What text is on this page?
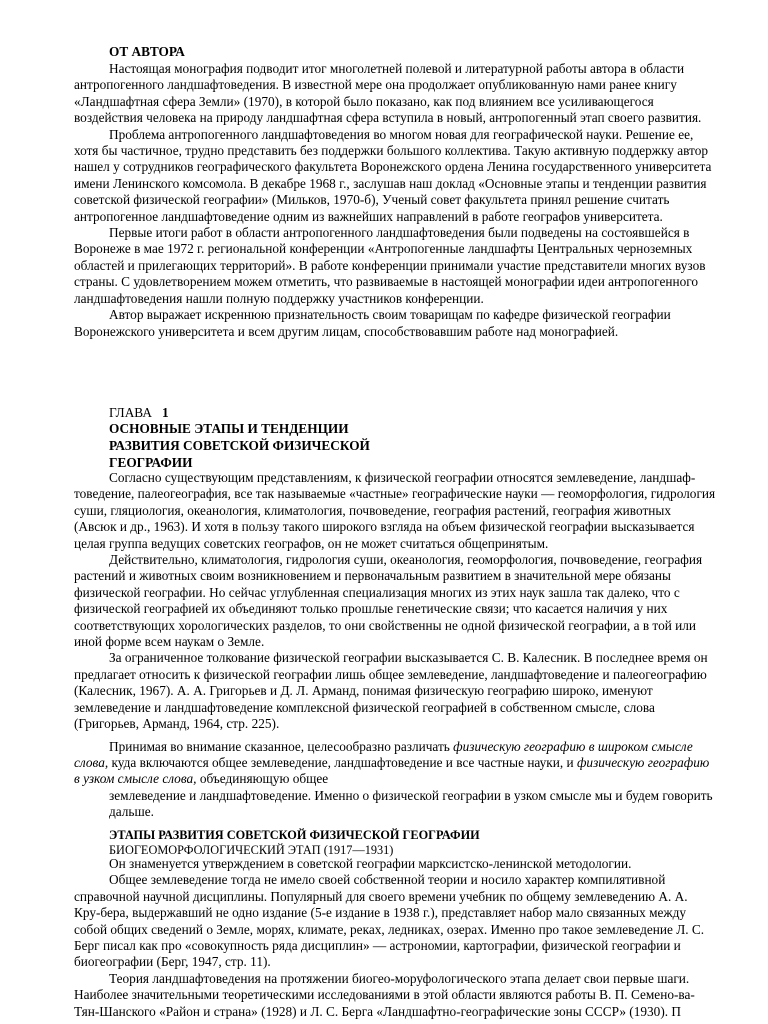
ОТ АВТОРА

Настоящая монография подводит итог многолетней полевой и литературной работы автора в области антропогенного ландшафтоведения. В известной мере она продолжает опубликованную нами ранее книгу «Ландшафтная сфера Земли» (1970), в которой было показано, как под влиянием все усиливающегося воздействия человека на природу ландшафтная сфера вступила в новый, антропогенный этап своего развития.

Проблема антропогенного ландшафтоведения во многом новая для географической науки. Решение ее, хотя бы частичное, трудно представить без поддержки большого коллектива. Такую активную поддержку автор нашел у сотрудников географического факультета Воронежского ордена Ленина государственного университета имени Ленинского комсомола. В декабре 1968 г., заслушав наш доклад «Основные этапы и тенденции развития советской физической географии» (Мильков, 1970-б), Ученый совет факультета принял решение считать антропогенное ландшафтоведение одним из важнейших направлений в работе географов университета.

Первые итоги работ в области антропогенного ландшафтоведения были подведены на состоявшейся в Воронеже в мае 1972 г. региональной конференции «Антропогенные ландшафты Центральных черноземных областей и прилегающих территорий». В работе конференции принимали участие представители многих вузов страны. С удовлетворением можем отметить, что развиваемые в настоящей монографии идеи антропогенного ландшафтоведения нашли полную поддержку участников конференции.

Автор выражает искреннюю признательность своим товарищам по кафедре физической географии Воронежского университета и всем другим лицам, способствовавшим работе над монографией.

ГЛАВА 1
ОСНОВНЫЕ ЭТАПЫ И ТЕНДЕНЦИИ
РАЗВИТИЯ СОВЕТСКОЙ ФИЗИЧЕСКОЙ
ГЕОГРАФИИ

Согласно существующим представлениям, к физической географии относятся землеведение, ландшаф-товедение, палеогеография, все так называемые «частные» географические науки — геоморфология, гидрология суши, гляциология, океанология, климатология, почвоведение, география растений, география животных (Авсюк и др., 1963). И хотя в пользу такого широкого взгляда на объем физической географии высказывается целая группа ведущих советских географов, он не может считаться общепринятым.

Действительно, климатология, гидрология суши, океанология, геоморфология, почвоведение, география растений и животных своим возникновением и первоначальным развитием в значительной мере обязаны физической географии. Но сейчас углубленная специализация многих из этих наук зашла так далеко, что с физической географией их объединяют только прошлые генетические связи; что касается наличия у них соответствующих хорологических разделов, то они свойственны не одной физической географии, а в той или иной форме всем наукам о Земле.

За ограниченное толкование физической географии высказывается С. В. Калесник. В последнее время он предлагает относить к физической географии лишь общее землеведение, ландшафтоведение и палеогеографию (Калесник, 1967). А. А. Григорьев и Д. Л. Арманд, понимая физическую географию широко, именуют землеведение и ландшафтоведение комплексной физической географией в собственном смысле, слова (Григорьев, Арманд, 1964, стр. 225).

Принимая во внимание сказанное, целесообразно различать физическую географию в широком смысле слова, куда включаются общее землеведение, ландшафтоведение и все частные науки, и физическую географию в узком смысле слова, объединяющую общее

землеведение и ландшафтоведение. Именно о физической географии в узком смысле мы и будем говорить дальше.

ЭТАПЫ РАЗВИТИЯ СОВЕТСКОЙ ФИЗИЧЕСКОЙ ГЕОГРАФИИ
БИОГЕОМОРФОЛОГИЧЕСКИЙ ЭТАП (1917—1931)

Он знаменуется утверждением в советской географии марксистско-ленинской методологии.

Общее землеведение тогда не имело своей собственной теории и носило характер компилятивной справочной научной дисциплины. Популярный для своего времени учебник по общему землеведению А. А. Кру-бера, выдержавший не одно издание (5-е издание в 1938 г.), представляет набор мало связанных между собой общих сведений о Земле, морях, климате, реках, ледниках, озерах. Именно про такое землеведение Л. С. Берг писал как про «совокупность ряда дисциплин» — астрономии, картографии, физической географии и биогеографии (Берг, 1947, стр. 11).

Теория ландшафтоведения на протяжении биогео-моруфологического этапа делает свои первые шаги. Наиболее значительными теоретическими исследованиями в этой области являются работы В. П. Семено-ва-Тян-Шанского «Район и страна» (1928) и Л. С. Берга «Ландшафтно-географические зоны СССР» (1930). П
